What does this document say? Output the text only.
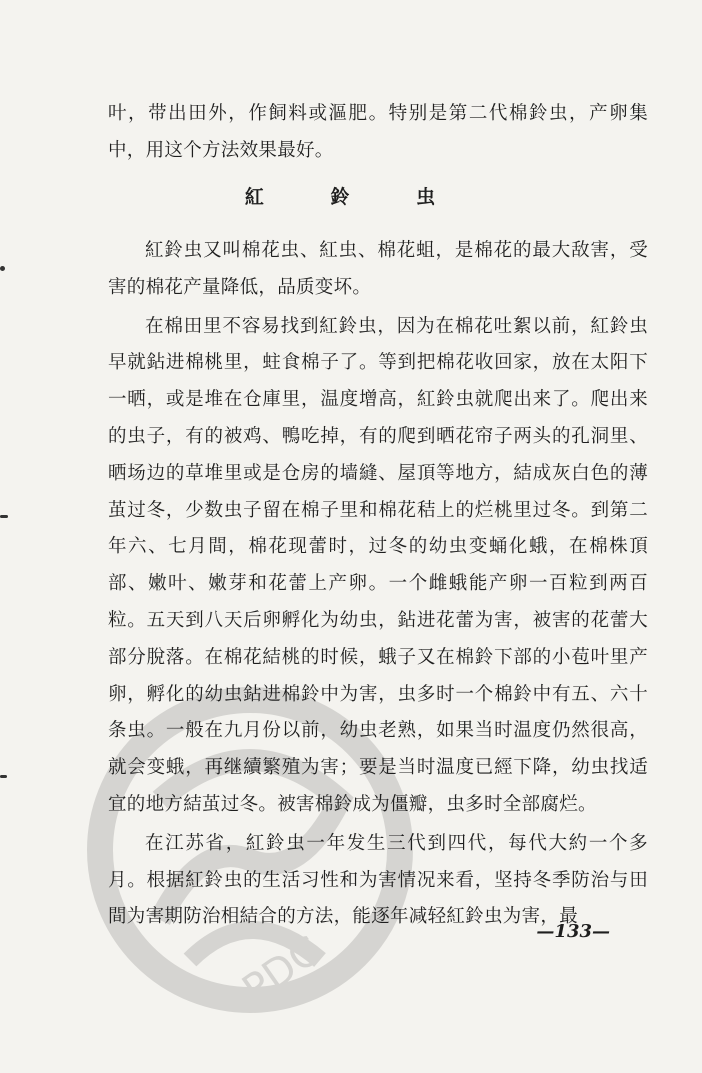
PDG
叶，带出田外，作飼料或漚肥。特别是第二代棉鈴虫，产卵集中，用这个方法效果最好。
紅 鈴 虫

紅鈴虫又叫棉花虫、紅虫、棉花蛆，是棉花的最大敌害，受害的棉花产量降低，品质变坏。

在棉田里不容易找到紅鈴虫，因为在棉花吐絮以前，紅鈴虫早就鉆进棉桃里，蛀食棉子了。等到把棉花收回家，放在太阳下一晒，或是堆在仓庫里，温度增高，紅鈴虫就爬出来了。爬出来的虫子，有的被鸡、鴨吃掉，有的爬到晒花帘子两头的孔洞里、晒场边的草堆里或是仓房的墙縫、屋頂等地方，結成灰白色的薄茧过冬，少数虫子留在棉子里和棉花秸上的烂桃里过冬。到第二年六、七月間，棉花现蕾时，过冬的幼虫变蛹化蛾，在棉株頂部、嫩叶、嫩芽和花蕾上产卵。一个雌蛾能产卵一百粒到两百粒。五天到八天后卵孵化为幼虫，鉆进花蕾为害，被害的花蕾大部分脫落。在棉花結桃的时候，蛾子又在棉鈴下部的小苞叶里产卵，孵化的幼虫鉆进棉鈴中为害，虫多时一个棉鈴中有五、六十条虫。一般在九月份以前，幼虫老熟，如果当时温度仍然很高，就会变蛾，再继續繁殖为害；要是当时温度已經下降，幼虫找适宜的地方結茧过冬。被害棉鈴成为僵瓣，虫多时全部腐烂。

在江苏省，紅鈴虫一年发生三代到四代，每代大約一个多月。根据紅鈴虫的生活习性和为害情况来看，坚持冬季防治与田間为害期防治相結合的方法，能逐年减轻紅鈴虫为害，最

—133—
